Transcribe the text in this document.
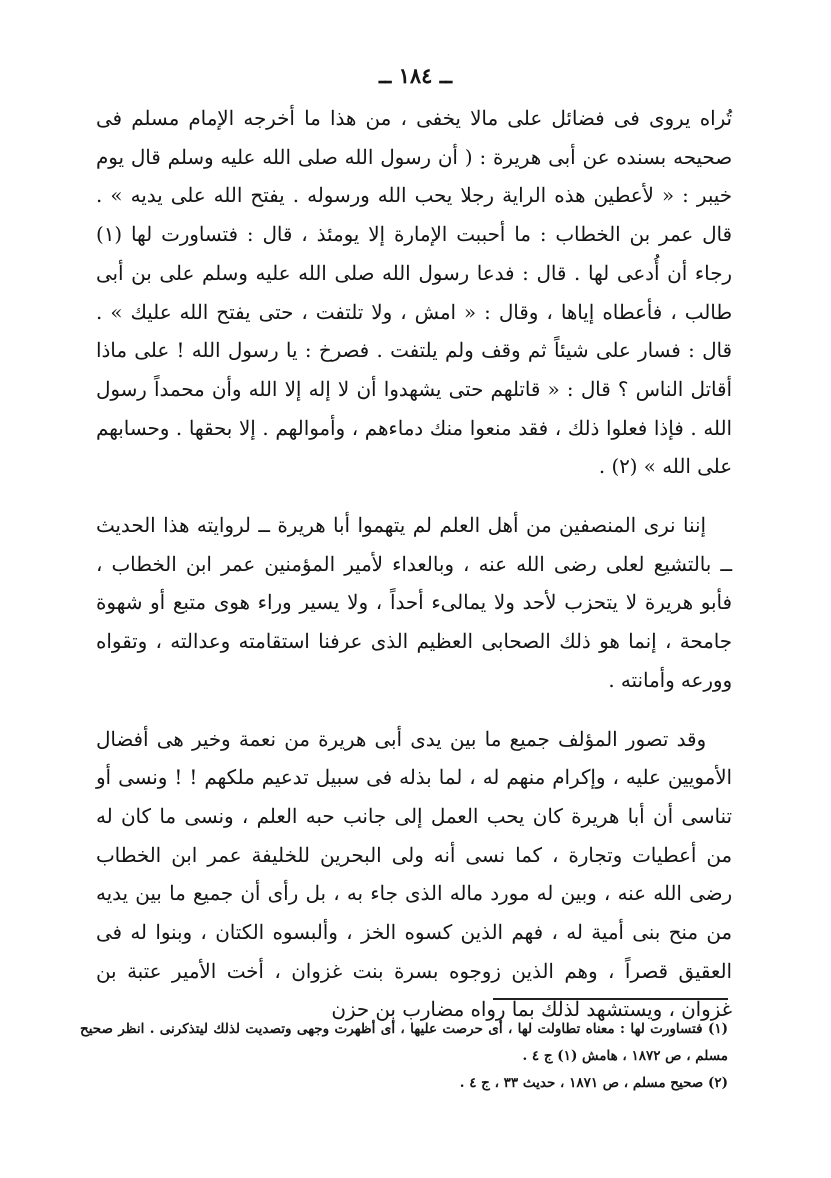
ــ ١٨٤ ــ

تُراه يروى فى فضائل على مالا يخفى ، من هذا ما أخرجه الإمام مسلم فى صحيحه بسنده عن أبى هريرة : ( أن رسول الله صلى الله عليه وسلم قال يوم خيبر : « لأعطين هذه الراية رجلا يحب الله ورسوله . يفتح الله على يديه » . قال عمر بن الخطاب : ما أحببت الإمارة إلا يومئذ ، قال : فتساورت لها (١) رجاء أن أُدعى لها . قال : فدعا رسول الله صلى الله عليه وسلم على بن أبى طالب ، فأعطاه إياها ، وقال : « امش ، ولا تلتفت ، حتى يفتح الله عليك » . قال : فسار على شيئاً ثم وقف ولم يلتفت . فصرخ : يا رسول الله ! على ماذا أقاتل الناس ؟ قال : « قاتلهم حتى يشهدوا أن لا إله إلا الله وأن محمداً رسول الله . فإذا فعلوا ذلك ، فقد منعوا منك دماءهم ، وأموالهم . إلا بحقها . وحسابهم على الله » (٢) .

إننا نرى المنصفين من أهل العلم لم يتهموا أبا هريرة ــ لروايته هذا الحديث ــ بالتشيع لعلى رضى الله عنه ، وبالعداء لأمير المؤمنين عمر ابن الخطاب ، فأبو هريرة لا يتحزب لأحد ولا يمالىء أحداً ، ولا يسير وراء هوى متبع أو شهوة جامحة ، إنما هو ذلك الصحابى العظيم الذى عرفنا استقامته وعدالته ، وتقواه وورعه وأمانته .

وقد تصور المؤلف جميع ما بين يدى أبى هريرة من نعمة وخير هى أفضال الأمويين عليه ، وإكرام منهم له ، لما بذله فى سبيل تدعيم ملكهم ! ! ونسى أو تناسى أن أبا هريرة كان يحب العمل إلى جانب حبه العلم ، ونسى ما كان له من أعطيات وتجارة ، كما نسى أنه ولى البحرين للخليفة عمر ابن الخطاب رضى الله عنه ، وبين له مورد ماله الذى جاء به ، بل رأى أن جميع ما بين يديه من منح بنى أمية له ، فهم الذين كسوه الخز ، وألبسوه الكتان ، وبنوا له فى العقيق قصراً ، وهم الذين زوجوه بسرة بنت غزوان ، أخت الأمير عتبة بن غزوان ، ويستشهد لذلك بما رواه مضارب بن حزن

(١) فتساورت لها : معناه تطاولت لها ، أى حرصت عليها ، أى أظهرت وجهى وتصديت لذلك ليتذكرنى . انظر صحيح مسلم ، ص ١٨٧٢ ، هامش (١) ج ٤ .

(٢) صحيح مسلم ، ص ١٨٧١ ، حديث ٣٣ ، ج ٤ .
